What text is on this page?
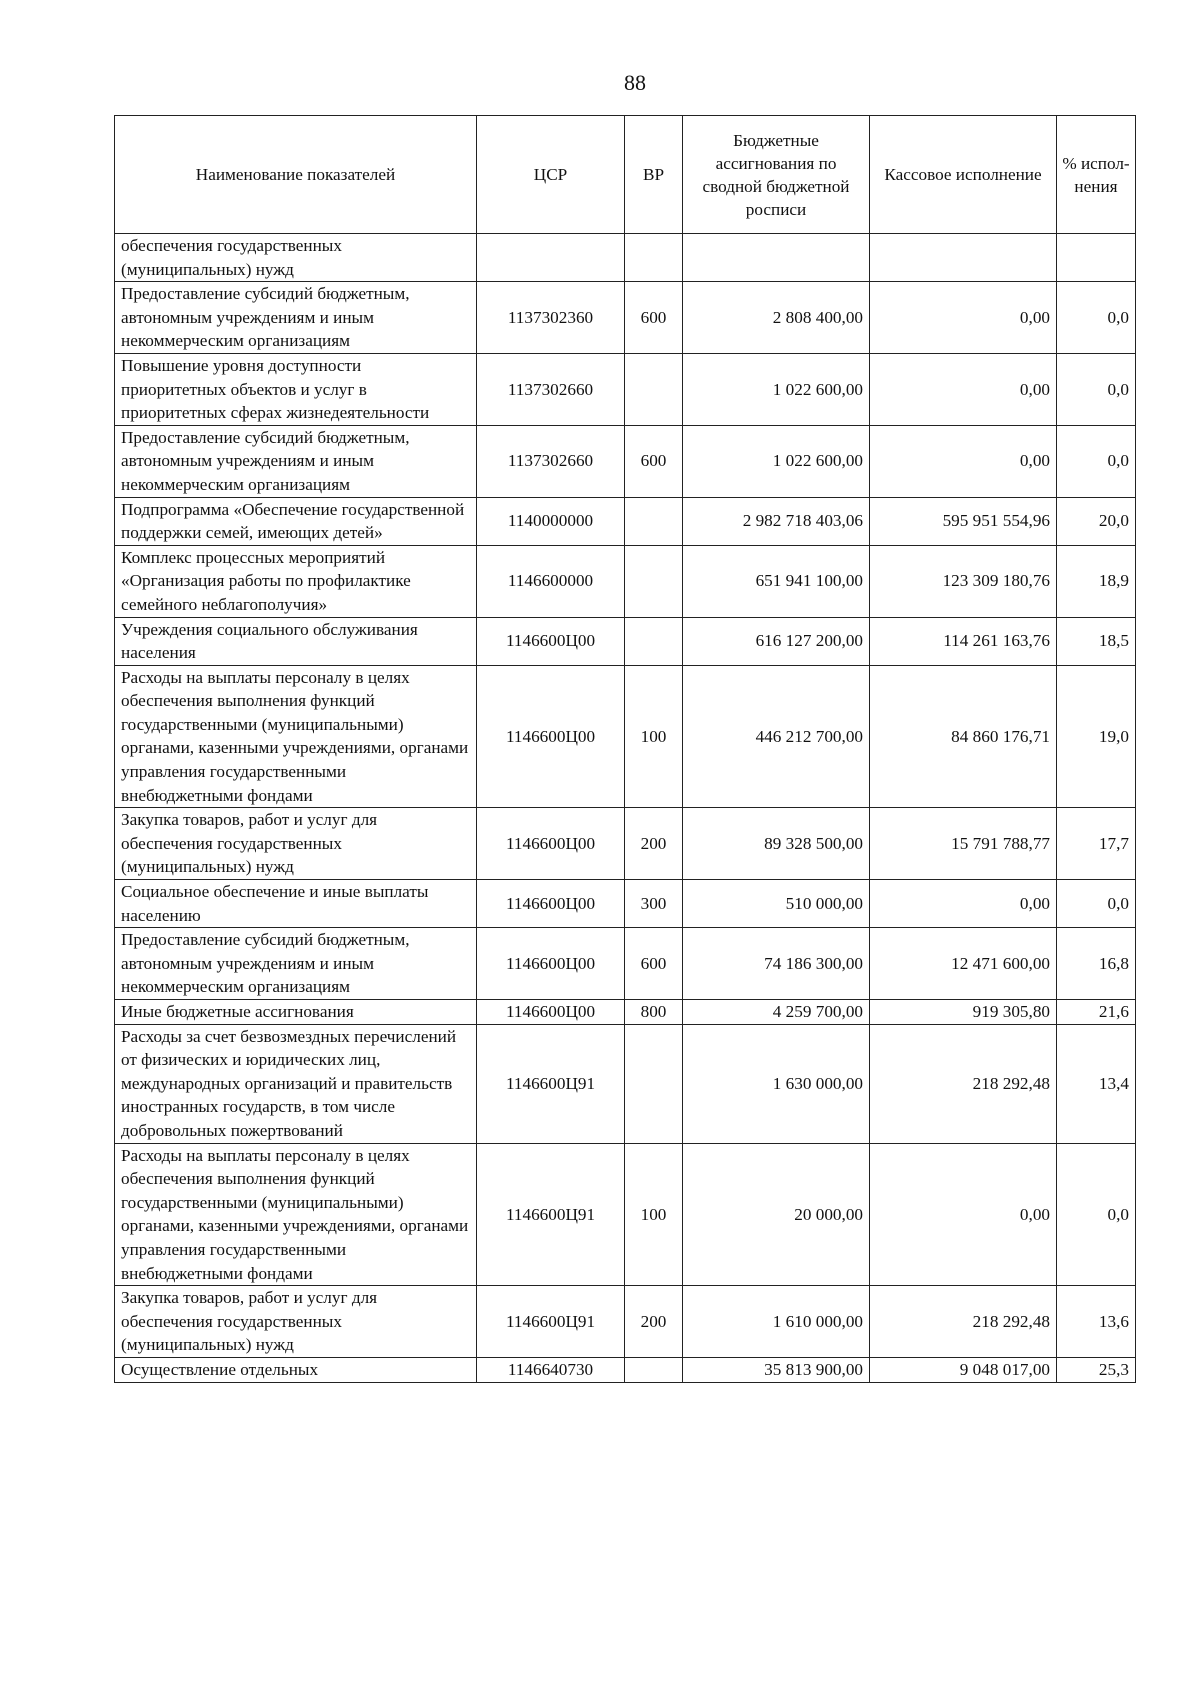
88
Наименование показателей	ЦСР	ВР	Бюджетные ассигнования по сводной бюджетной росписи	Кассовое исполнение	% испол-нения
обеспечения государственных (муниципальных) нужд					
Предоставление субсидий бюджетным, автономным учреждениям и иным некоммерческим организациям	1137302360	600	2 808 400,00	0,00	0,0
Повышение уровня доступности приоритетных объектов и услуг в приоритетных сферах жизнедеятельности	1137302660		1 022 600,00	0,00	0,0
Предоставление субсидий бюджетным, автономным учреждениям и иным некоммерческим организациям	1137302660	600	1 022 600,00	0,00	0,0
Подпрограмма «Обеспечение государственной поддержки семей, имеющих детей»	1140000000		2 982 718 403,06	595 951 554,96	20,0
Комплекс процессных мероприятий «Организация работы по профилактике семейного неблагополучия»	1146600000		651 941 100,00	123 309 180,76	18,9
Учреждения социального обслуживания населения	1146600Ц00		616 127 200,00	114 261 163,76	18,5
Расходы на выплаты персоналу в целях обеспечения выполнения функций государственными (муниципальными) органами, казенными учреждениями, органами управления государственными внебюджетными фондами	1146600Ц00	100	446 212 700,00	84 860 176,71	19,0
Закупка товаров, работ и услуг для обеспечения государственных (муниципальных) нужд	1146600Ц00	200	89 328 500,00	15 791 788,77	17,7
Социальное обеспечение и иные выплаты населению	1146600Ц00	300	510 000,00	0,00	0,0
Предоставление субсидий бюджетным, автономным учреждениям и иным некоммерческим организациям	1146600Ц00	600	74 186 300,00	12 471 600,00	16,8
Иные бюджетные ассигнования	1146600Ц00	800	4 259 700,00	919 305,80	21,6
Расходы за счет безвозмездных перечислений от физических и юридических лиц, международных организаций и правительств иностранных государств, в том числе добровольных пожертвований	1146600Ц91		1 630 000,00	218 292,48	13,4
Расходы на выплаты персоналу в целях обеспечения выполнения функций государственными (муниципальными) органами, казенными учреждениями, органами управления государственными внебюджетными фондами	1146600Ц91	100	20 000,00	0,00	0,0
Закупка товаров, работ и услуг для обеспечения государственных (муниципальных) нужд	1146600Ц91	200	1 610 000,00	218 292,48	13,6
Осуществление отдельных	1146640730		35 813 900,00	9 048 017,00	25,3
